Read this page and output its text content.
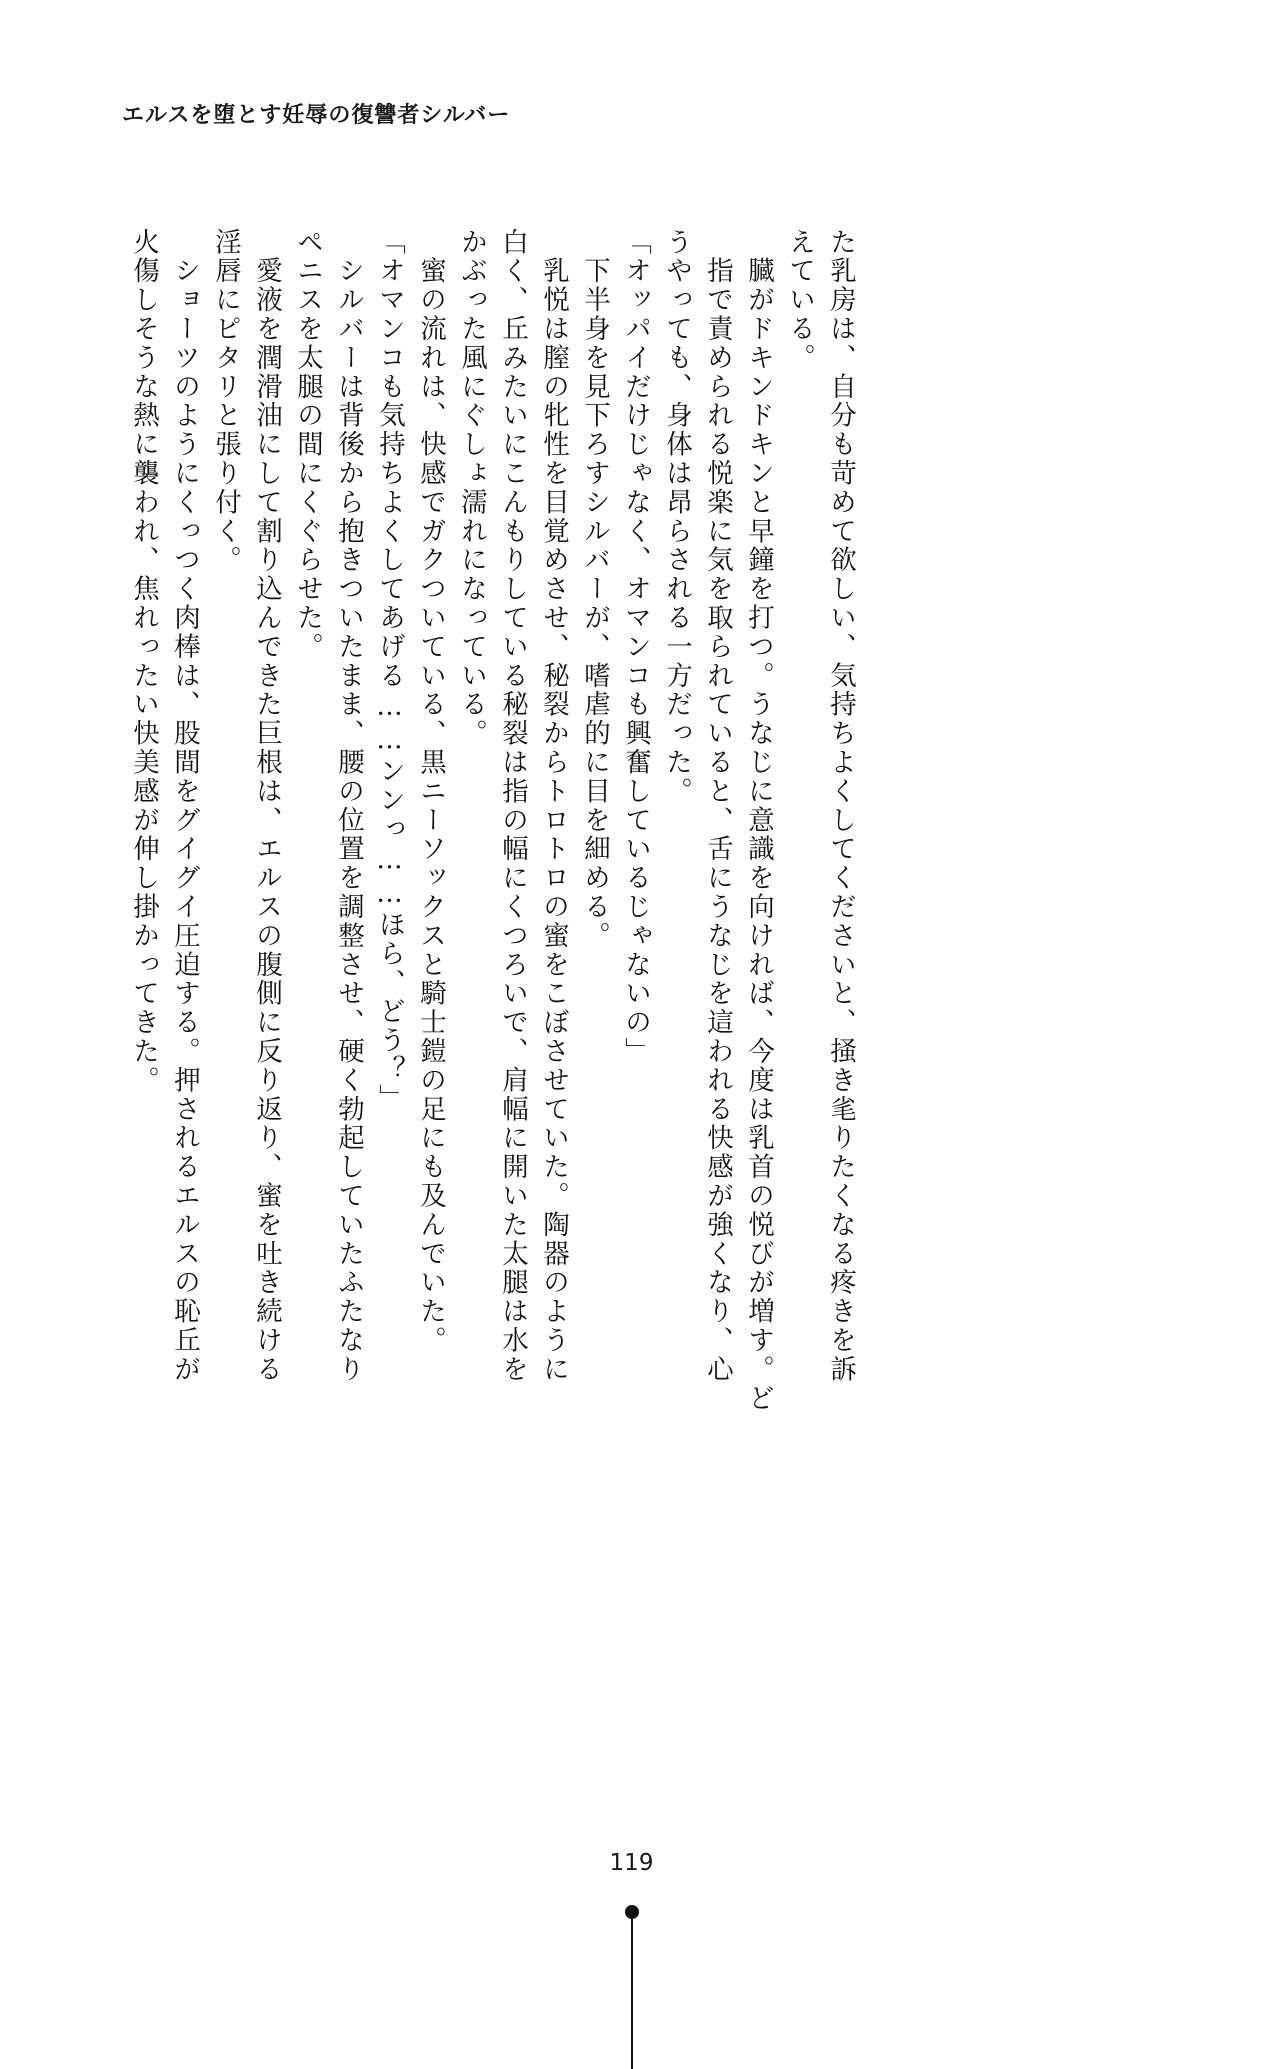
エルスを堕とす妊辱の復讐者シルバー
火傷しそうな熱に襲われ、焦れったい快美感が伸し掛かってきた。 　ショーツのようにくっつく肉棒は、股間をグイグイ圧迫する。押されるエルスの恥丘が 淫唇にピタリと張り付く。 　愛液を潤滑油にして割り込んできた巨根は、エルスの腹側に反り返り、蜜を吐き続ける ペニスを太腿の間にくぐらせた。 　シルバーは背後から抱きついたまま、腰の位置を調整させ、硬く勃起していたふたなり 「オマンコも気持ちよくしてあげる……ンンっ……ほら、どう？」 　蜜の流れは、快感でガクついている、黒ニーソックスと騎士鎧の足にも及んでいた。 かぶった風にぐしょ濡れになっている。 白く、丘みたいにこんもりしている秘裂は指の幅にくつろいで、肩幅に開いた太腿は水を 　乳悦は膣の牝性を目覚めさせ、秘裂からトロトロの蜜をこぼさせていた。陶器のように 　下半身を見下ろすシルバーが、嗜虐的に目を細める。 「オッパイだけじゃなく、オマンコも興奮しているじゃないの」 うやっても、身体は昂らされる一方だった。 　指で責められる悦楽に気を取られていると、舌にうなじを這われる快感が強くなり、心 　臓がドキンドキンと早鐘を打つ。うなじに意識を向ければ、今度は乳首の悦びが増す。ど えている。 た乳房は、自分も苛めて欲しい、気持ちよくしてくださいと、掻き毟りたくなる疼きを訴
119
